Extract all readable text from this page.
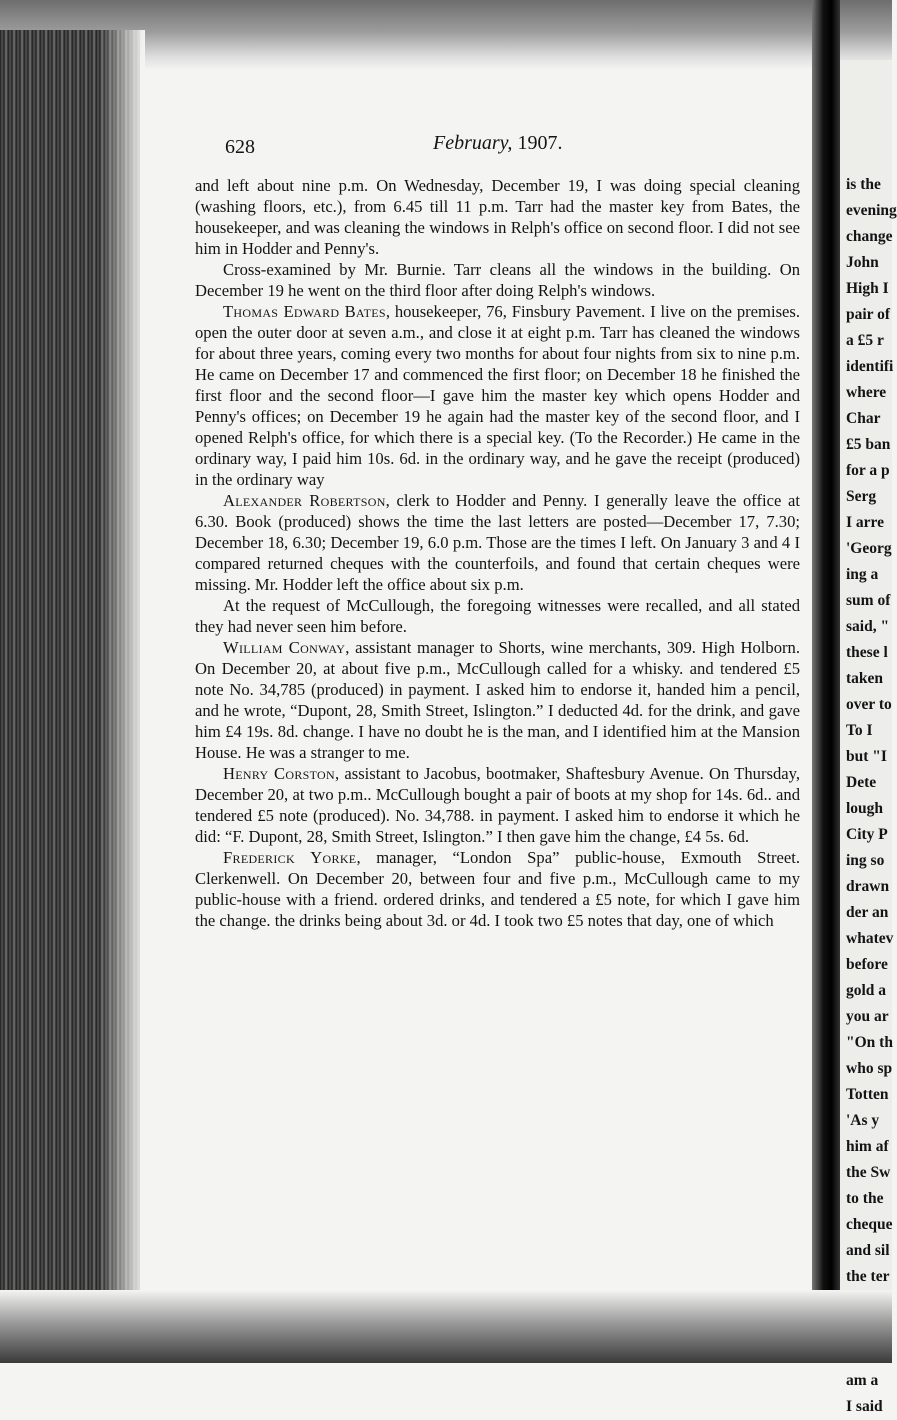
is the
evening
change
John
High I
pair of
a £5 r
identifi
where
Char
£5 ban
for a p
Serg
I arre
'Georg
ing a
sum of
said, "
these l
taken
over to
To I
but "I
Dete
lough
City P
ing so
drawn
der an
whatev
before
gold a
you ar
"On th
who sp
Totten
'As y
him af
the Sw
to the
cheque
and sil
the ter
am a
I said
628	February, 1907.

and left about nine p.m. On Wednesday, December 19, I was doing special cleaning (washing floors, etc.), from 6.45 till 11 p.m. Tarr had the master key from Bates, the housekeeper, and was cleaning the windows in Relph's office on second floor. I did not see him in Hodder and Penny's.

Cross-examined by Mr. Burnie. Tarr cleans all the windows in the building. On December 19 he went on the third floor after doing Relph's windows.

Thomas Edward Bates, housekeeper, 76, Finsbury Pavement. I live on the premises. open the outer door at seven a.m., and close it at eight p.m. Tarr has cleaned the windows for about three years, coming every two months for about four nights from six to nine p.m. He came on December 17 and commenced the first floor; on December 18 he finished the first floor and the second floor—I gave him the master key which opens Hodder and Penny's offices; on December 19 he again had the master key of the second floor, and I opened Relph's office, for which there is a special key. (To the Recorder.) He came in the ordinary way, I paid him 10s. 6d. in the ordinary way, and he gave the receipt (produced) in the ordinary way

Alexander Robertson, clerk to Hodder and Penny. I generally leave the office at 6.30. Book (produced) shows the time the last letters are posted—December 17, 7.30; December 18, 6.30; December 19, 6.0 p.m. Those are the times I left. On January 3 and 4 I compared returned cheques with the counterfoils, and found that certain cheques were missing. Mr. Hodder left the office about six p.m.

At the request of McCullough, the foregoing witnesses were recalled, and all stated they had never seen him before.

William Conway, assistant manager to Shorts, wine merchants, 309. High Holborn. On December 20, at about five p.m., McCullough called for a whisky. and tendered £5 note No. 34,785 (produced) in payment. I asked him to endorse it, handed him a pencil, and he wrote, “Dupont, 28, Smith Street, Islington.” I deducted 4d. for the drink, and gave him £4 19s. 8d. change. I have no doubt he is the man, and I identified him at the Mansion House. He was a stranger to me.

Henry Corston, assistant to Jacobus, bootmaker, Shaftesbury Avenue. On Thursday, December 20, at two p.m.. McCullough bought a pair of boots at my shop for 14s. 6d.. and tendered £5 note (produced). No. 34,788. in payment. I asked him to endorse it which he did: “F. Dupont, 28, Smith Street, Islington.” I then gave him the change, £4 5s. 6d.

Frederick Yorke, manager, “London Spa” public-house, Exmouth Street. Clerkenwell. On December 20, between four and five p.m., McCullough came to my public-house with a friend. ordered drinks, and tendered a £5 note, for which I gave him the change. the drinks being about 3d. or 4d. I took two £5 notes that day, one of which
